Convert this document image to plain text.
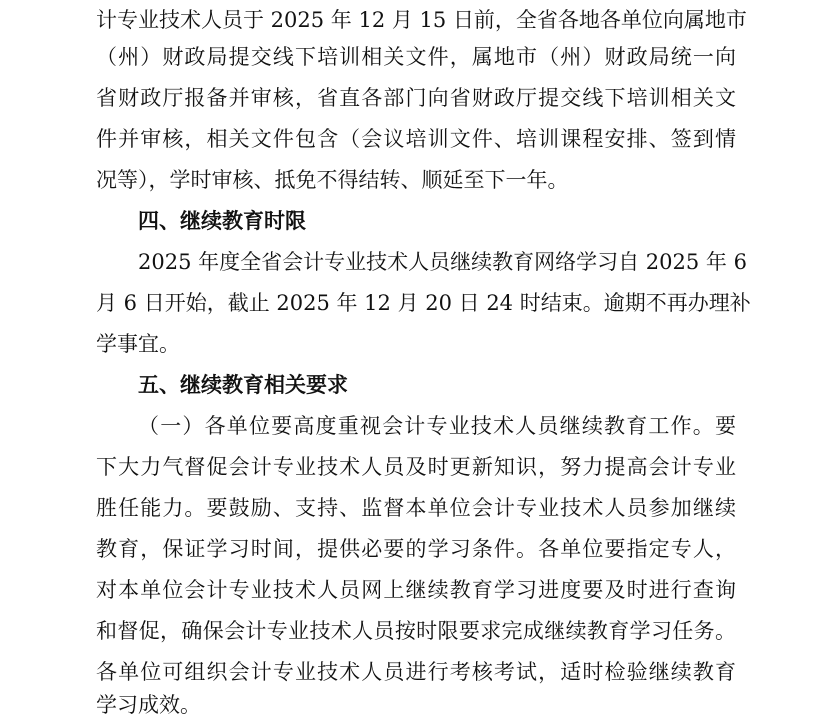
计专业技术人员于 2025 年 12 月 15 日前，全省各地各单位向属地市
（州）财政局提交线下培训相关文件，属地市（州）财政局统一向
省财政厅报备并审核，省直各部门向省财政厅提交线下培训相关文
件并审核，相关文件包含（会议培训文件、培训课程安排、签到情
况等），学时审核、抵免不得结转、顺延至下一年。
四、继续教育时限
2025 年度全省会计专业技术人员继续教育网络学习自 2025 年 6
月 6 日开始，截止 2025 年 12 月 20 日 24 时结束。逾期不再办理补
学事宜。
五、继续教育相关要求
（一）各单位要高度重视会计专业技术人员继续教育工作。要
下大力气督促会计专业技术人员及时更新知识，努力提高会计专业
胜任能力。要鼓励、支持、监督本单位会计专业技术人员参加继续
教育，保证学习时间，提供必要的学习条件。各单位要指定专人，
对本单位会计专业技术人员网上继续教育学习进度要及时进行查询
和督促，确保会计专业技术人员按时限要求完成继续教育学习任务。
各单位可组织会计专业技术人员进行考核考试，适时检验继续教育
学习成效。
